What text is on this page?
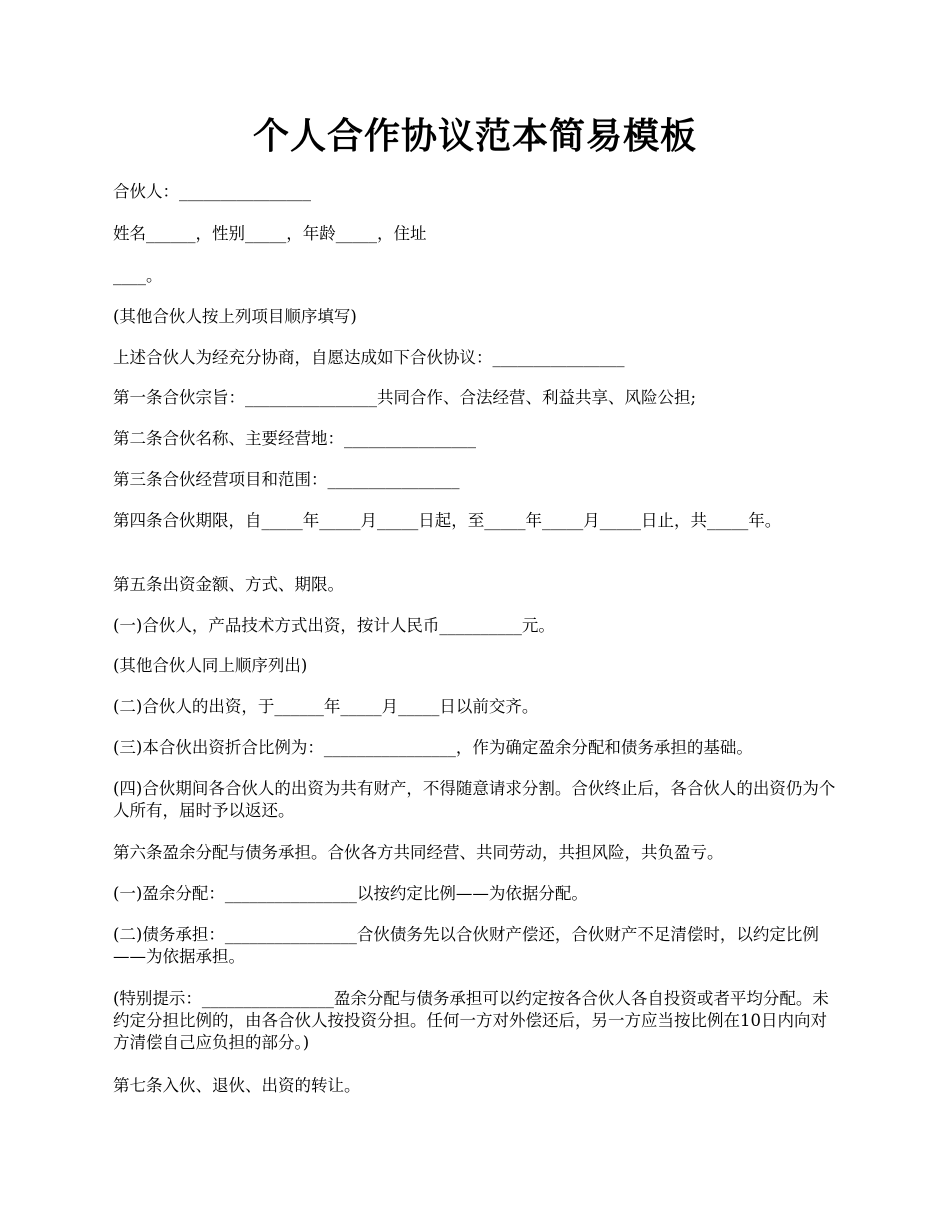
个人合作协议范本简易模板
合伙人：________________
姓名______，性别_____，年龄_____，住址
____。
(其他合伙人按上列项目顺序填写)
上述合伙人为经充分协商，自愿达成如下合伙协议：________________
第一条合伙宗旨：________________共同合作、合法经营、利益共享、风险公担;
第二条合伙名称、主要经营地：________________
第三条合伙经营项目和范围：________________
第四条合伙期限，自_____年_____月_____日起，至_____年_____月_____日止，共_____年。
第五条出资金额、方式、期限。
(一)合伙人，产品技术方式出资，按计人民币__________元。
(其他合伙人同上顺序列出)
(二)合伙人的出资，于______年_____月_____日以前交齐。
(三)本合伙出资折合比例为：________________，作为确定盈余分配和债务承担的基础。
(四)合伙期间各合伙人的出资为共有财产，不得随意请求分割。合伙终止后，各合伙人的出资仍为个人所有，届时予以返还。
第六条盈余分配与债务承担。合伙各方共同经营、共同劳动，共担风险，共负盈亏。
(一)盈余分配：________________以按约定比例——为依据分配。
(二)债务承担：________________合伙债务先以合伙财产偿还，合伙财产不足清偿时，以约定比例——为依据承担。
(特别提示：________________盈余分配与债务承担可以约定按各合伙人各自投资或者平均分配。未约定分担比例的，由各合伙人按投资分担。任何一方对外偿还后，另一方应当按比例在10日内向对方清偿自己应负担的部分。)
第七条入伙、退伙、出资的转让。
